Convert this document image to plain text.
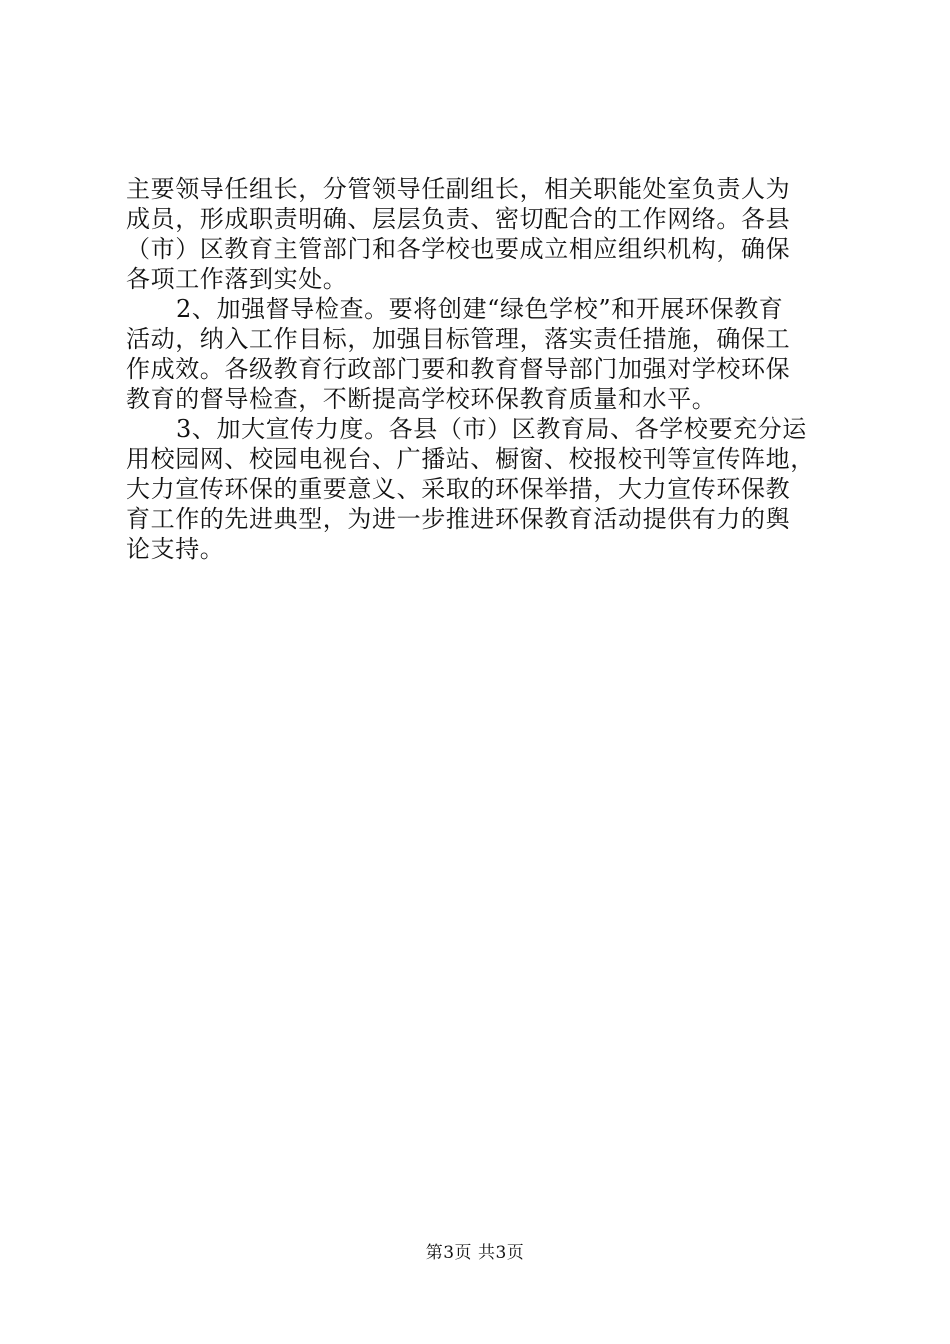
主要领导任组长，分管领导任副组长，相关职能处室负责人为
成员，形成职责明确、层层负责、密切配合的工作网络。各县
（市）区教育主管部门和各学校也要成立相应组织机构，确保
各项工作落到实处。
2、加强督导检查。要将创建“绿色学校”和开展环保教育
活动，纳入工作目标，加强目标管理，落实责任措施，确保工
作成效。各级教育行政部门要和教育督导部门加强对学校环保
教育的督导检查，不断提高学校环保教育质量和水平。
3、加大宣传力度。各县（市）区教育局、各学校要充分运
用校园网、校园电视台、广播站、橱窗、校报校刊等宣传阵地，
大力宣传环保的重要意义、采取的环保举措，大力宣传环保教
育工作的先进典型，为进一步推进环保教育活动提供有力的舆
论支持。
第3页 共3页
